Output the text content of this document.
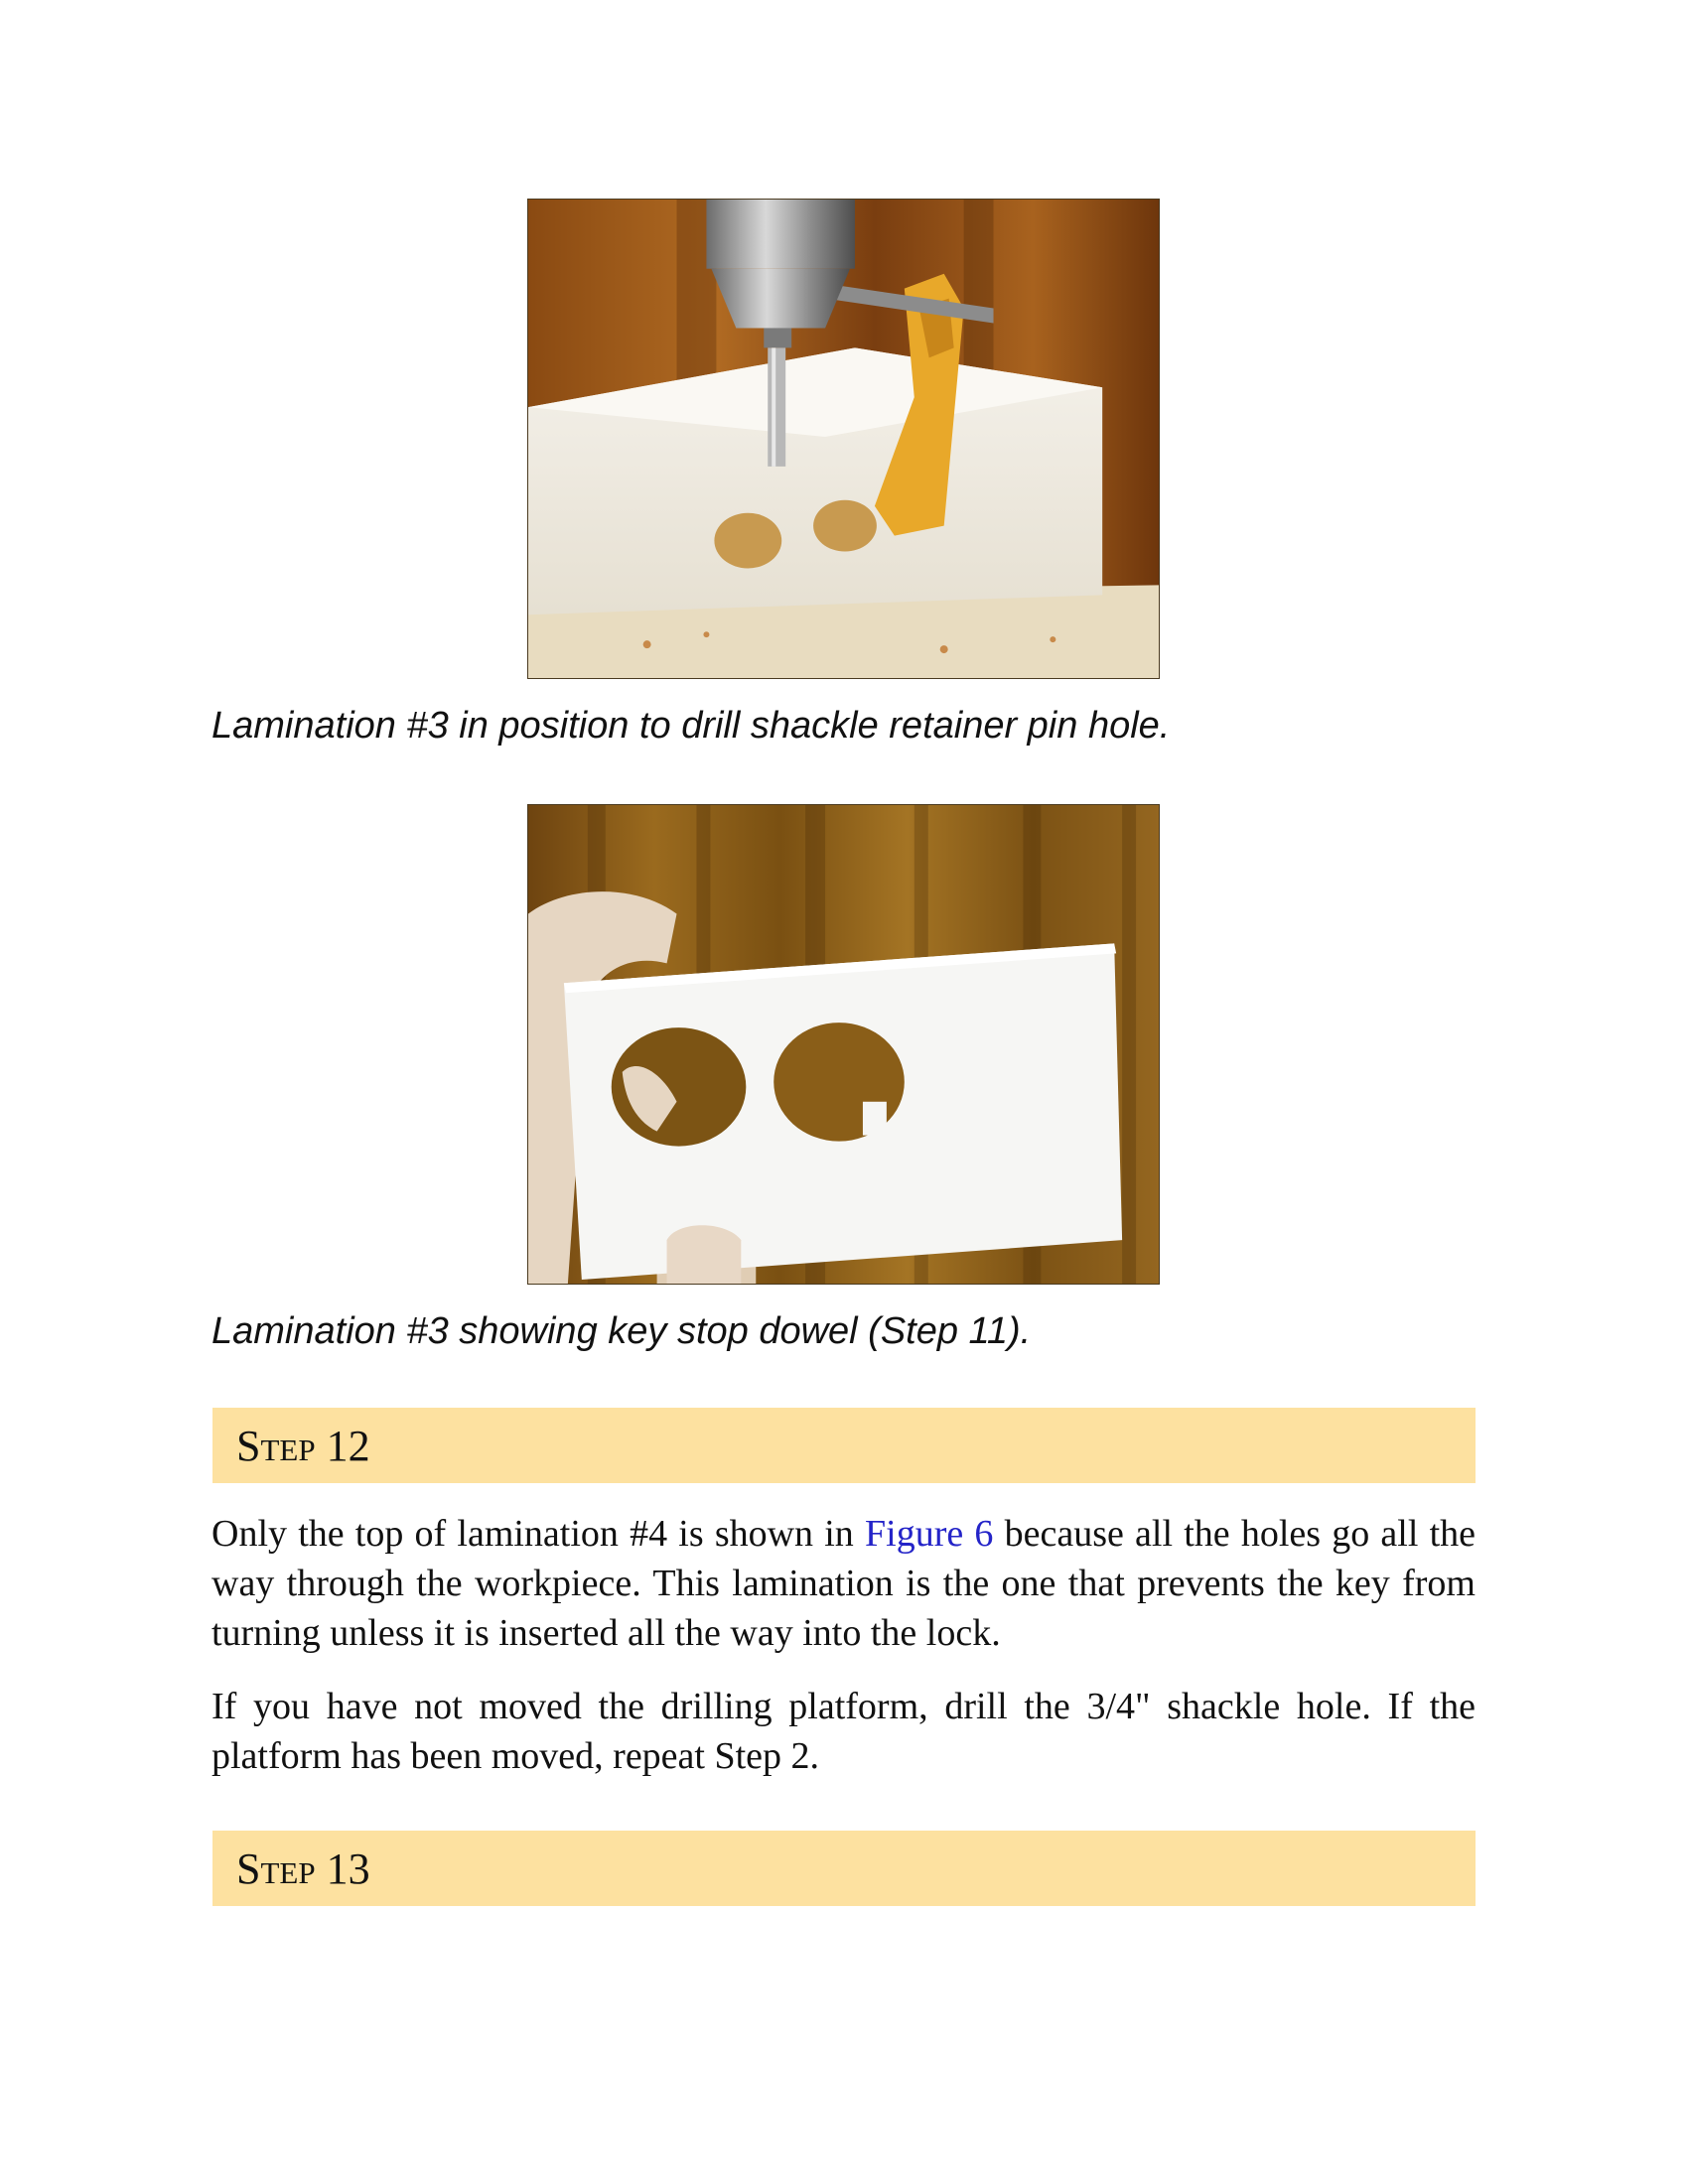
Lamination #3 in position to drill shackle retainer pin hole.
Lamination #3 showing key stop dowel (Step 11).
Step
12
Only the top of lamination #4 is shown in Figure 6 because all the holes go all the way through the workpiece. This lamination is the one that prevents the key from turning unless it is inserted all the way into the lock.
If you have not moved the drilling platform, drill the 3/4" shackle hole. If the platform has been moved, repeat Step 2.
Step
13
